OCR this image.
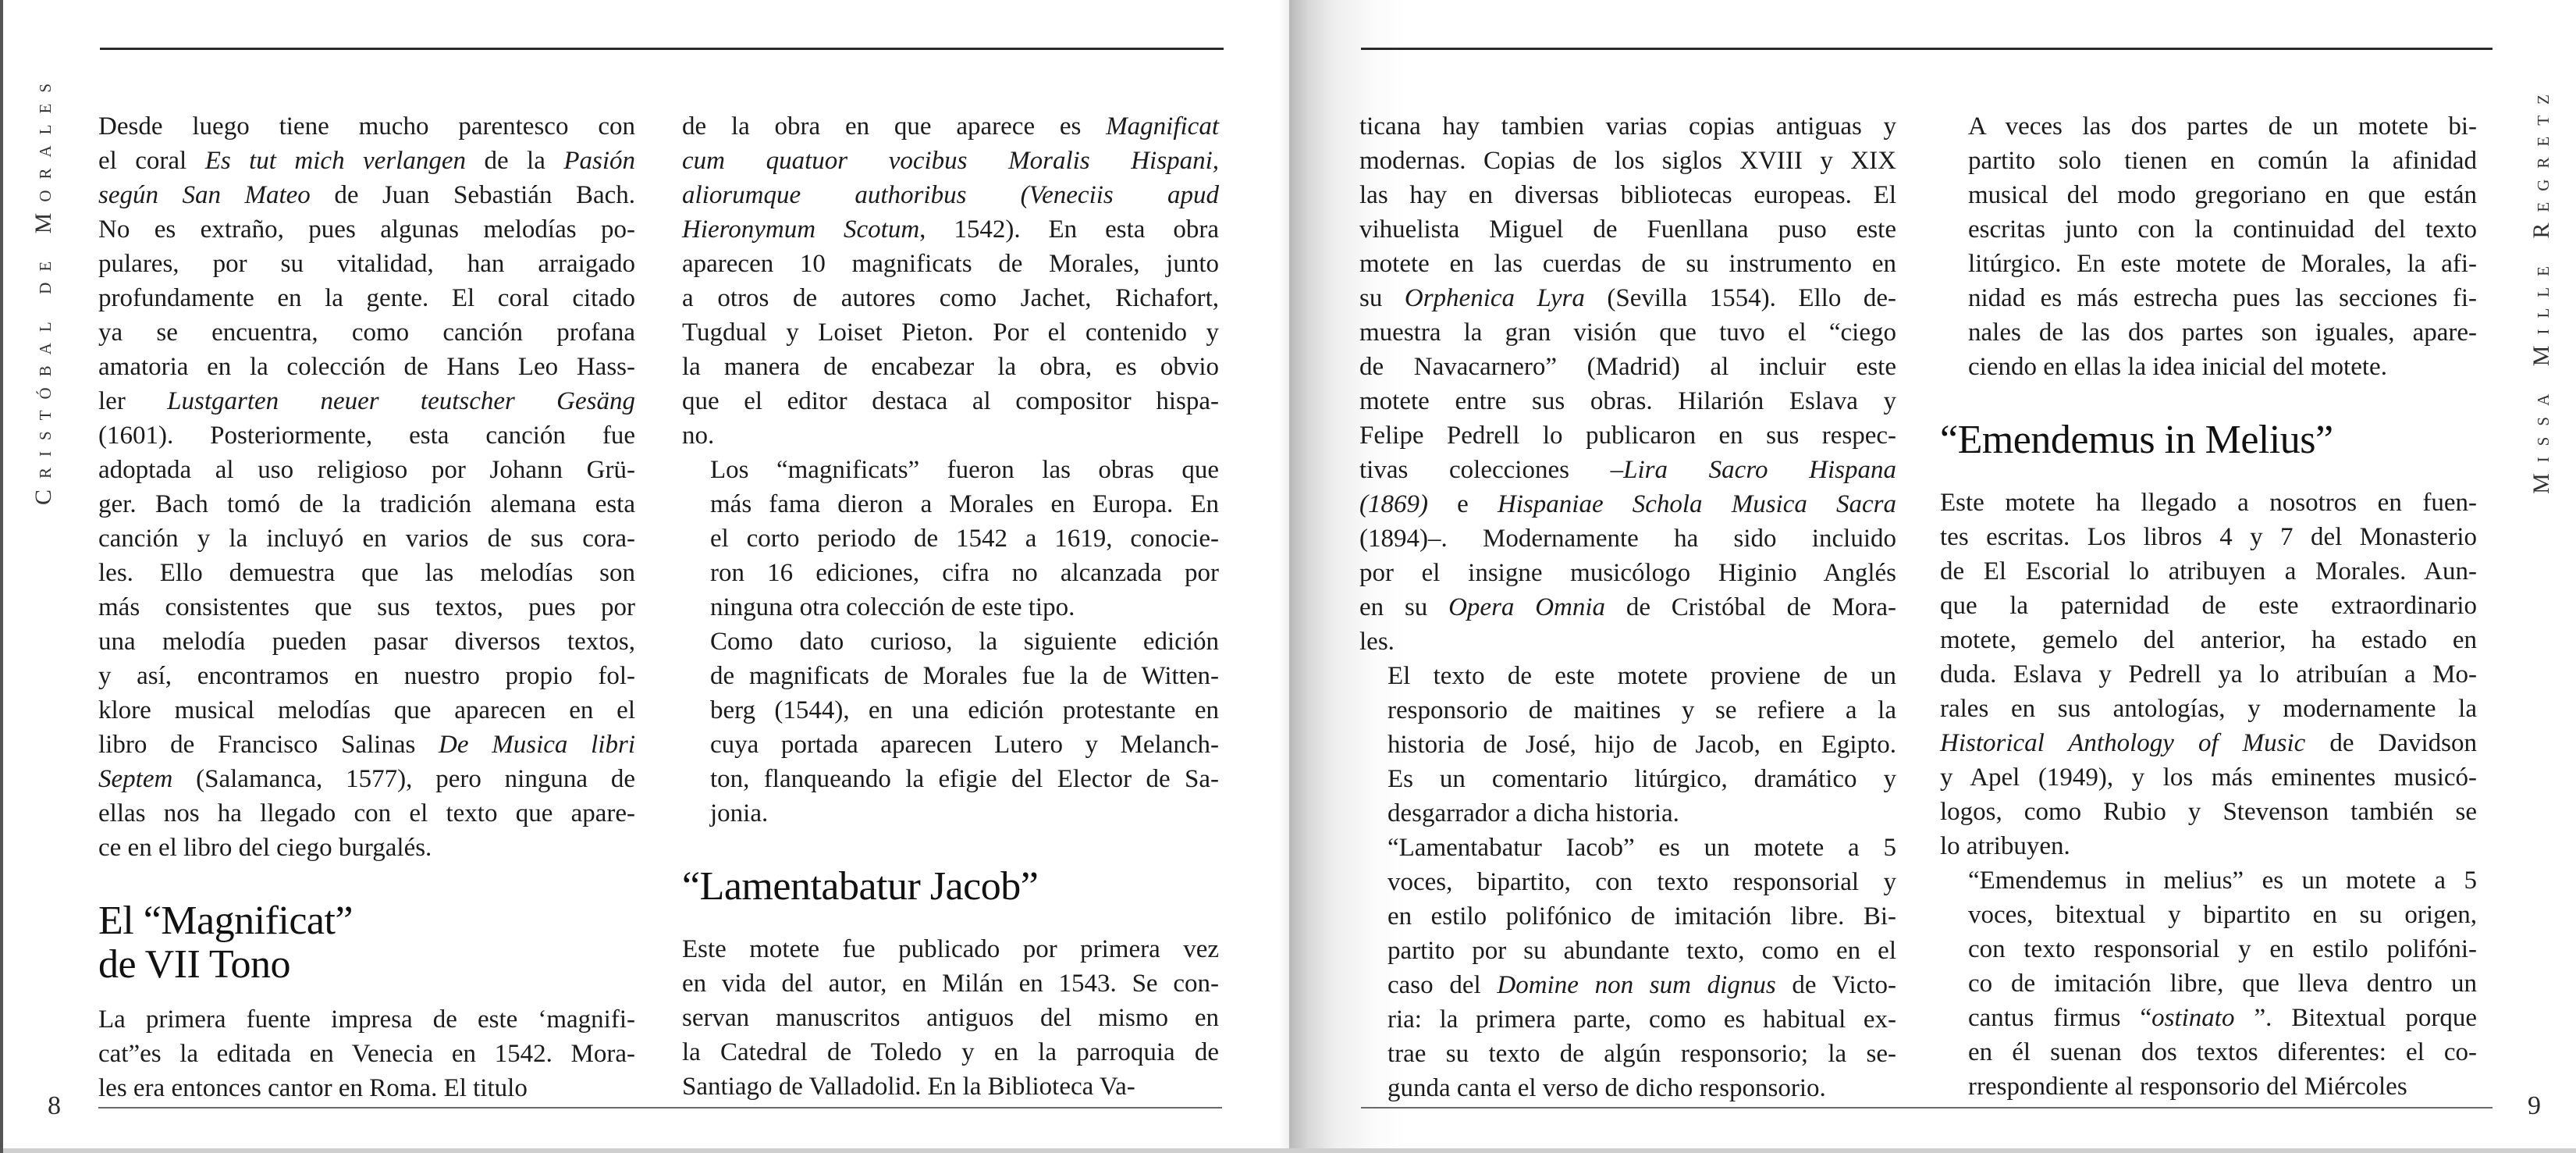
Cristóbal de Morales Desde luego tiene mucho parentesco con
el coral Es tut mich verlangen de la Pasión
según San Mateo de Juan Sebastián Bach.
No es extraño, pues algunas melodías po-
pulares, por su vitalidad, han arraigado
profundamente en la gente. El coral citado
ya se encuentra, como canción profana
amatoria en la colección de Hans Leo Hass-
ler Lustgarten neuer teutscher Gesäng
(1601). Posteriormente, esta canción fue
adoptada al uso religioso por Johann Grü-
ger. Bach tomó de la tradición alemana esta
canción y la incluyó en varios de sus cora-
les. Ello demuestra que las melodías son
más consistentes que sus textos, pues por
una melodía pueden pasar diversos textos,
y así, encontramos en nuestro propio fol-
klore musical melodías que aparecen en el
libro de Francisco Salinas De Musica libri
Septem (Salamanca, 1577), pero ninguna de
ellas nos ha llegado con el texto que apare-
ce en el libro del ciego burgalés.

El “Magnificat”
de VII Tono

La primera fuente impresa de este ‘magnifi-
cat”es la editada en Venecia en 1542. Mora-
les era entonces cantor en Roma. El titulo

de la obra en que aparece es Magnificat
cum quatuor vocibus Moralis Hispani,
aliorumque authoribus (Veneciis apud
Hieronymum Scotum, 1542). En esta obra
aparecen 10 magnificats de Morales, junto
a otros de autores como Jachet, Richafort,
Tugdual y Loiset Pieton. Por el contenido y
la manera de encabezar la obra, es obvio
que el editor destaca al compositor hispa-
no.

Los “magnificats” fueron las obras que
más fama dieron a Morales en Europa. En
el corto periodo de 1542 a 1619, conocie-
ron 16 ediciones, cifra no alcanzada por
ninguna otra colección de este tipo.

Como dato curioso, la siguiente edición
de magnificats de Morales fue la de Witten-
berg (1544), en una edición protestante en
cuya portada aparecen Lutero y Melanch-
ton, flanqueando la efigie del Elector de Sa-
jonia.

“Lamentabatur Jacob”

Este motete fue publicado por primera vez
en vida del autor, en Milán en 1543. Se con-
servan manuscritos antiguos del mismo en
la Catedral de Toledo y en la parroquia de
Santiago de Valladolid. En la Biblioteca Va-

8

ticana hay tambien varias copias antiguas y
modernas. Copias de los siglos XVIII y XIX
las hay en diversas bibliotecas europeas. El
vihuelista Miguel de Fuenllana puso este
motete en las cuerdas de su instrumento en
su Orphenica Lyra (Sevilla 1554). Ello de-
muestra la gran visión que tuvo el “ciego
de Navacarnero” (Madrid) al incluir este
motete entre sus obras. Hilarión Eslava y
Felipe Pedrell lo publicaron en sus respec-
tivas colecciones –Lira Sacro Hispana
(1869) e Hispaniae Schola Musica Sacra
(1894)–. Modernamente ha sido incluido
por el insigne musicólogo Higinio Anglés
en su Opera Omnia de Cristóbal de Mora-
les.

El texto de este motete proviene de un
responsorio de maitines y se refiere a la
historia de José, hijo de Jacob, en Egipto.
Es un comentario litúrgico, dramático y
desgarrador a dicha historia.

“Lamentabatur Iacob” es un motete a 5
voces, bipartito, con texto responsorial y
en estilo polifónico de imitación libre. Bi-
partito por su abundante texto, como en el
caso del Domine non sum dignus de Victo-
ria: la primera parte, como es habitual ex-
trae su texto de algún responsorio; la se-
gunda canta el verso de dicho responsorio.

A veces las dos partes de un motete bi-
partito solo tienen en común la afinidad
musical del modo gregoriano en que están
escritas junto con la continuidad del texto
litúrgico. En este motete de Morales, la afi-
nidad es más estrecha pues las secciones fi-
nales de las dos partes son iguales, apare-
ciendo en ellas la idea inicial del motete.

“Emendemus in Melius”

Este motete ha llegado a nosotros en fuen-
tes escritas. Los libros 4 y 7 del Monasterio
de El Escorial lo atribuyen a Morales. Aun-
que la paternidad de este extraordinario
motete, gemelo del anterior, ha estado en
duda. Eslava y Pedrell ya lo atribuían a Mo-
rales en sus antologías, y modernamente la
Historical Anthology of Music de Davidson
y Apel (1949), y los más eminentes musicó-
logos, como Rubio y Stevenson también se
lo atribuyen.

“Emendemus in melius” es un motete a 5
voces, bitextual y bipartito en su origen,
con texto responsorial y en estilo polifóni-
co de imitación libre, que lleva dentro un
cantus firmus “ostinato ”. Bitextual porque
en él suenan dos textos diferentes: el co-
rrespondiente al responsorio del Miércoles

Missa Mille Regretz
9
